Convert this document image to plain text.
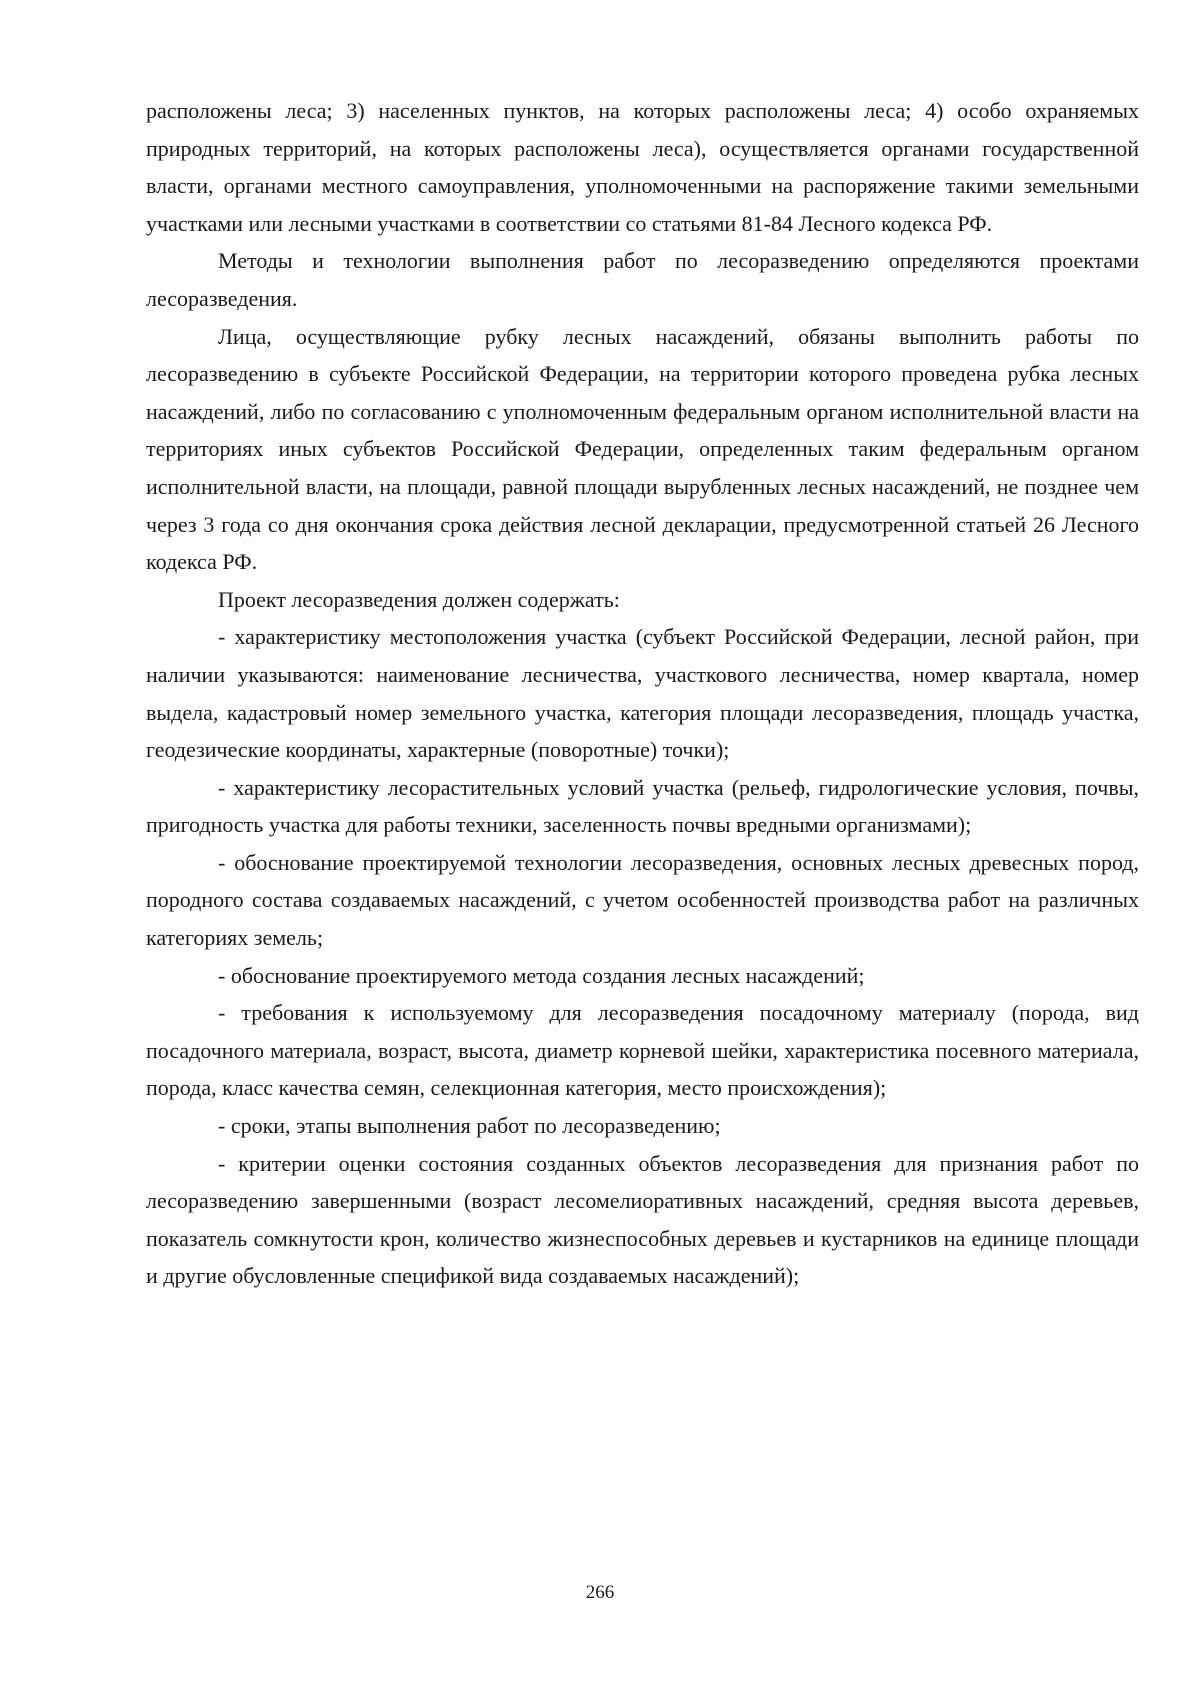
расположены леса; 3) населенных пунктов, на которых расположены леса; 4) особо охраняемых природных территорий, на которых расположены леса), осуществляется органами государственной власти, органами местного самоуправления, уполномоченными на распоряжение такими земельными участками или лесными участками в соответствии со статьями 81-84 Лесного кодекса РФ.

Методы и технологии выполнения работ по лесоразведению определяются проектами лесоразведения.

Лица, осуществляющие рубку лесных насаждений, обязаны выполнить работы по лесоразведению в субъекте Российской Федерации, на территории которого проведена рубка лесных насаждений, либо по согласованию с уполномоченным федеральным органом исполнительной власти на территориях иных субъектов Российской Федерации, определенных таким федеральным органом исполнительной власти, на площади, равной площади вырубленных лесных насаждений, не позднее чем через 3 года со дня окончания срока действия лесной декларации, предусмотренной статьей 26 Лесного кодекса РФ.

Проект лесоразведения должен содержать:

- характеристику местоположения участка (субъект Российской Федерации, лесной район, при наличии указываются: наименование лесничества, участкового лесничества, номер квартала, номер выдела, кадастровый номер земельного участка, категория площади лесоразведения, площадь участка, геодезические координаты, характерные (поворотные) точки);

- характеристику лесорастительных условий участка (рельеф, гидрологические условия, почвы, пригодность участка для работы техники, заселенность почвы вредными организмами);

- обоснование проектируемой технологии лесоразведения, основных лесных древесных пород, породного состава создаваемых насаждений, с учетом особенностей производства работ на различных категориях земель;

- обоснование проектируемого метода создания лесных насаждений;

- требования к используемому для лесоразведения посадочному материалу (порода, вид посадочного материала, возраст, высота, диаметр корневой шейки, характеристика посевного материала, порода, класс качества семян, селекционная категория, место происхождения);

- сроки, этапы выполнения работ по лесоразведению;

- критерии оценки состояния созданных объектов лесоразведения для признания работ по лесоразведению завершенными (возраст лесомелиоративных насаждений, средняя высота деревьев, показатель сомкнутости крон, количество жизнеспособных деревьев и кустарников на единице площади и другие обусловленные спецификой вида создаваемых насаждений);

266
